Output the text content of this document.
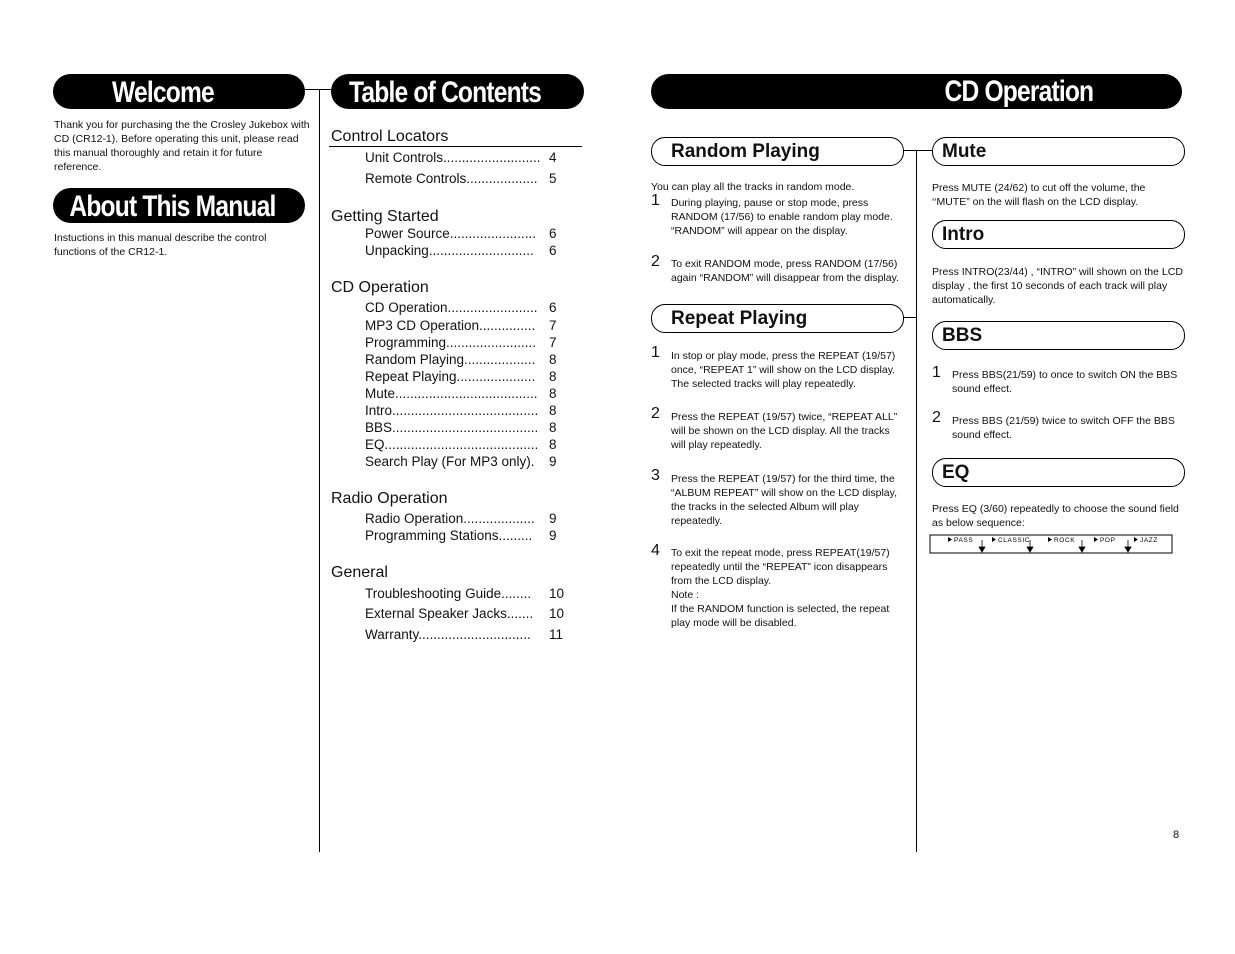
Welcome
Thank you for purchasing the the Crosley Jukebox with CD (CR12-1). Before operating this unit, please read this manual thoroughly and retain it for future reference.
About This Manual
Instuctions in this manual describe the control functions of the CR12-1.
Table of Contents
Control Locators
Unit Controls.......................... 4
Remote Controls................... 5
Getting Started
Power Source....................... 6
Unpacking............................	6
CD Operation
CD Operation........................ 6
MP3 CD Operation...............	7
Programming........................ 7
Random Playing...................	8
Repeat Playing.....................	8
Mute...................................... 8
Intro....................................... 8
BBS....................................... 8
EQ......................................... 8
Search Play (For MP3 only).	9
Radio Operation
Radio Operation...................	9
Programming Stations.........	9
General
Troubleshooting Guide........	10
External Speaker Jacks.......	10
Warranty..............................	11
CD Operation
Random Playing
You can play all the tracks in random mode.
1 During playing, pause or stop mode, press RANDOM (17/56) to enable random play mode. “RANDOM” will appear on the display.
2 To exit RANDOM mode, press RANDOM (17/56) again “RANDOM” will disappear from the display.
Repeat Playing
1 In stop or play mode, press the REPEAT (19/57) once, “REPEAT 1” will show on the LCD display. The selected tracks will play repeatedly.
2 Press the REPEAT (19/57) twice, “REPEAT ALL” will be shown on the LCD display. All the tracks will play repeatedly.
3 Press the REPEAT (19/57) for the third time, the “ALBUM REPEAT” will show on the LCD display, the tracks in the selected Album will play repeatedly.
4 To exit the repeat mode, press REPEAT(19/57) repeatedly until the “REPEAT” icon disappears from the LCD display.
Note :
If the RANDOM function is selected, the repeat play mode will be disabled.
Mute
Press MUTE (24/62) to cut off the volume, the ‘‘MUTE” on the will flash on the LCD display.
Intro
Press INTRO(23/44) , “INTRO” will shown on the LCD display , the first 10 seconds of each track will play automatically.
BBS
1 Press BBS(21/59) to once to switch ON the BBS sound effect.
2 Press BBS (21/59) twice to switch OFF the BBS sound effect.
EQ
Press EQ (3/60) repeatedly to choose the sound field as below sequence:
PASS	CLASSIC	ROCK	POP	JAZZ
8
